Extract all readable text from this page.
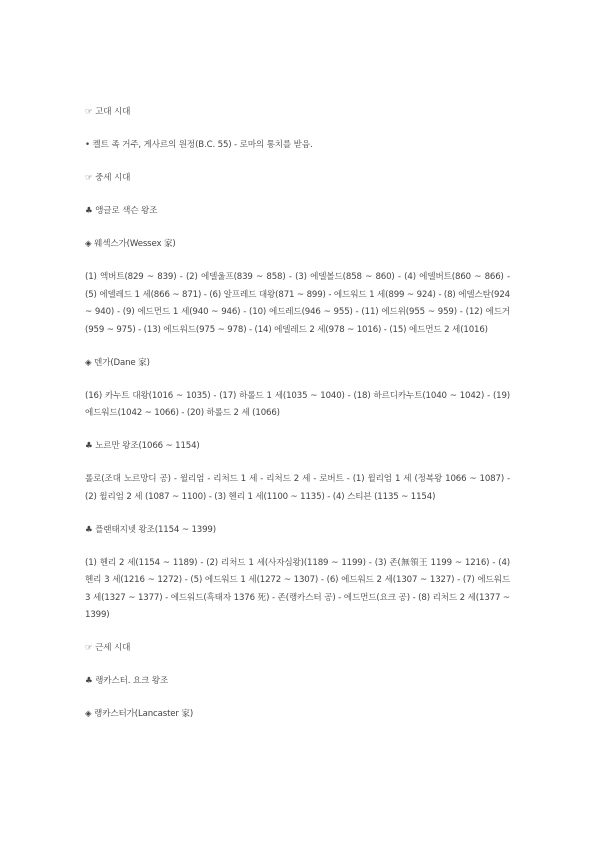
☞ 고대 시대

• 켈트 족 거주, 게사르의 원정(B.C. 55) - 로마의 통치를 받음.

☞ 중세 시대

♣ 앵글로 색슨 왕조

◈ 웨섹스가(Wessex 家)

(1) 엑버트(829 ~ 839) - (2) 에델울프(839 ~ 858) - (3) 에델볼드(858 ~ 860) - (4) 에델버트(860 ~ 866) - (5) 에델레드 1 세(866 ~ 871) - (6) 알프레드 대왕(871 ~ 899) - 에드워드 1 세(899 ~ 924) - (8) 에델스탄(924 ~ 940) - (9) 에드먼드 1 세(940 ~ 946) - (10) 에드레드(946 ~ 955) - (11) 에드위(955 ~ 959) - (12) 에드거(959 ~ 975) - (13) 에드워드(975 ~ 978) - (14) 에델레드 2 세(978 ~ 1016) - (15) 에드먼드 2 세(1016)

◈ 덴가(Dane 家)

(16) 카누트 대왕(1016 ~ 1035) - (17) 하롤드 1 세(1035 ~ 1040) - (18) 하르디카누트(1040 ~ 1042) - (19) 에드워드(1042 ~ 1066) - (20) 하롤드 2 세 (1066)

♣ 노르만 왕조(1066 ~ 1154)

롤로(조대 노르망디 공) - 윌리엄 - 리처드 1 세 - 리처드 2 세 - 로버트 - (1) 윌리엄 1 세 (정복왕 1066 ~ 1087) - (2) 윌리엄 2 세 (1087 ~ 1100) - (3) 헨리 1 세(1100 ~ 1135) - (4) 스티븐 (1135 ~ 1154)

♣ 플랜태지넷 왕조(1154 ~ 1399)

(1) 헨리 2 세(1154 ~ 1189) - (2) 리처드 1 세(사자심왕)(1189 ~ 1199) - (3) 존(無領王 1199 ~ 1216) - (4) 헨리 3 세(1216 ~ 1272) - (5) 에드워드 1 세(1272 ~ 1307) - (6) 에드워드 2 세(1307 ~ 1327) - (7) 에드워드 3 세(1327 ~ 1377) - 에드워드(흑태자 1376 死) - 존(랭카스터 공) - 에드먼드(요크 공) - (8) 리처드 2 세(1377 ~ 1399)

☞ 근세 시대

♣ 랭카스터. 요크 왕조

◈ 랭카스터가(Lancaster 家)
